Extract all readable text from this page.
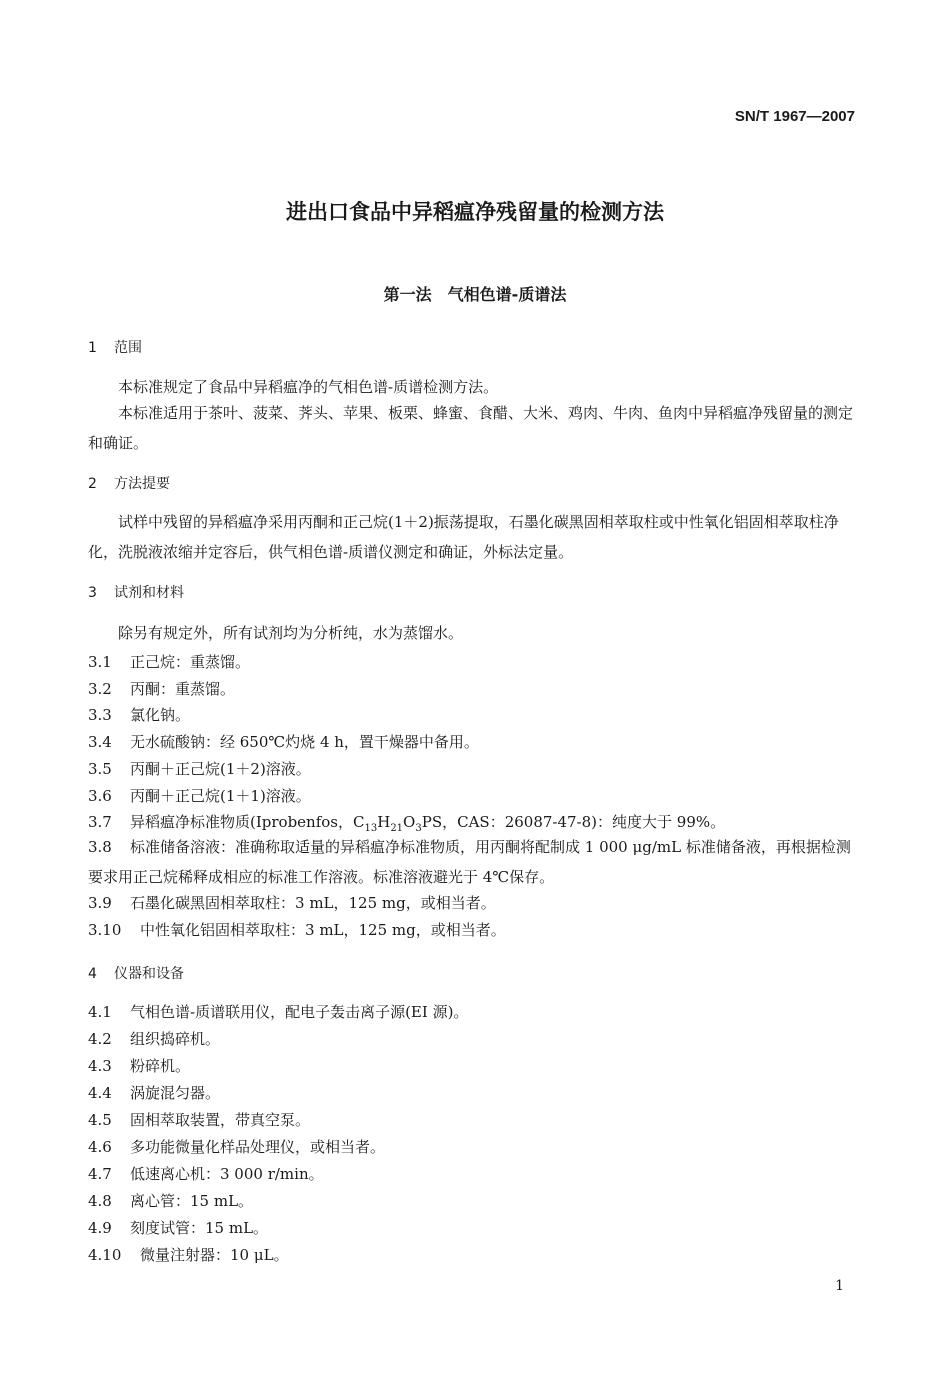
SN/T 1967—2007
进出口食品中异稻瘟净残留量的检测方法
第一法　气相色谱-质谱法
1 范围
本标准规定了食品中异稻瘟净的气相色谱-质谱检测方法。
本标准适用于茶叶、菠菜、荠头、苹果、板栗、蜂蜜、食醋、大米、鸡肉、牛肉、鱼肉中异稻瘟净残留量的测定和确证。
2 方法提要
试样中残留的异稻瘟净采用丙酮和正己烷(1＋2)振荡提取，石墨化碳黑固相萃取柱或中性氧化铝固相萃取柱净化，洗脱液浓缩并定容后，供气相色谱-质谱仪测定和确证，外标法定量。
3 试剂和材料
除另有规定外，所有试剂均为分析纯，水为蒸馏水。
3.1 正己烷：重蒸馏。
3.2 丙酮：重蒸馏。
3.3 氯化钠。
3.4 无水硫酸钠：经 650℃灼烧 4 h，置干燥器中备用。
3.5 丙酮＋正己烷(1＋2)溶液。
3.6 丙酮＋正己烷(1＋1)溶液。
3.7 异稻瘟净标准物质(Iprobenfos，$C_{13}H_{21}O_3PS$，CAS：26087-47-8)：纯度大于 99%。
3.8 标准储备溶液：准确称取适量的异稻瘟净标准物质，用丙酮将配制成 1 000 μg/mL 标准储备液，再根据检测要求用正己烷稀释成相应的标准工作溶液。标准溶液避光于 4℃保存。
3.9 石墨化碳黑固相萃取柱：3 mL，125 mg，或相当者。
3.10 中性氧化铝固相萃取柱：3 mL，125 mg，或相当者。
4 仪器和设备
4.1 气相色谱-质谱联用仪，配电子轰击离子源(EI 源)。
4.2 组织捣碎机。
4.3 粉碎机。
4.4 涡旋混匀器。
4.5 固相萃取装置，带真空泵。
4.6 多功能微量化样品处理仪，或相当者。
4.7 低速离心机：3 000 r/min。
4.8 离心管：15 mL。
4.9 刻度试管：15 mL。
4.10 微量注射器：10 μL。
1
